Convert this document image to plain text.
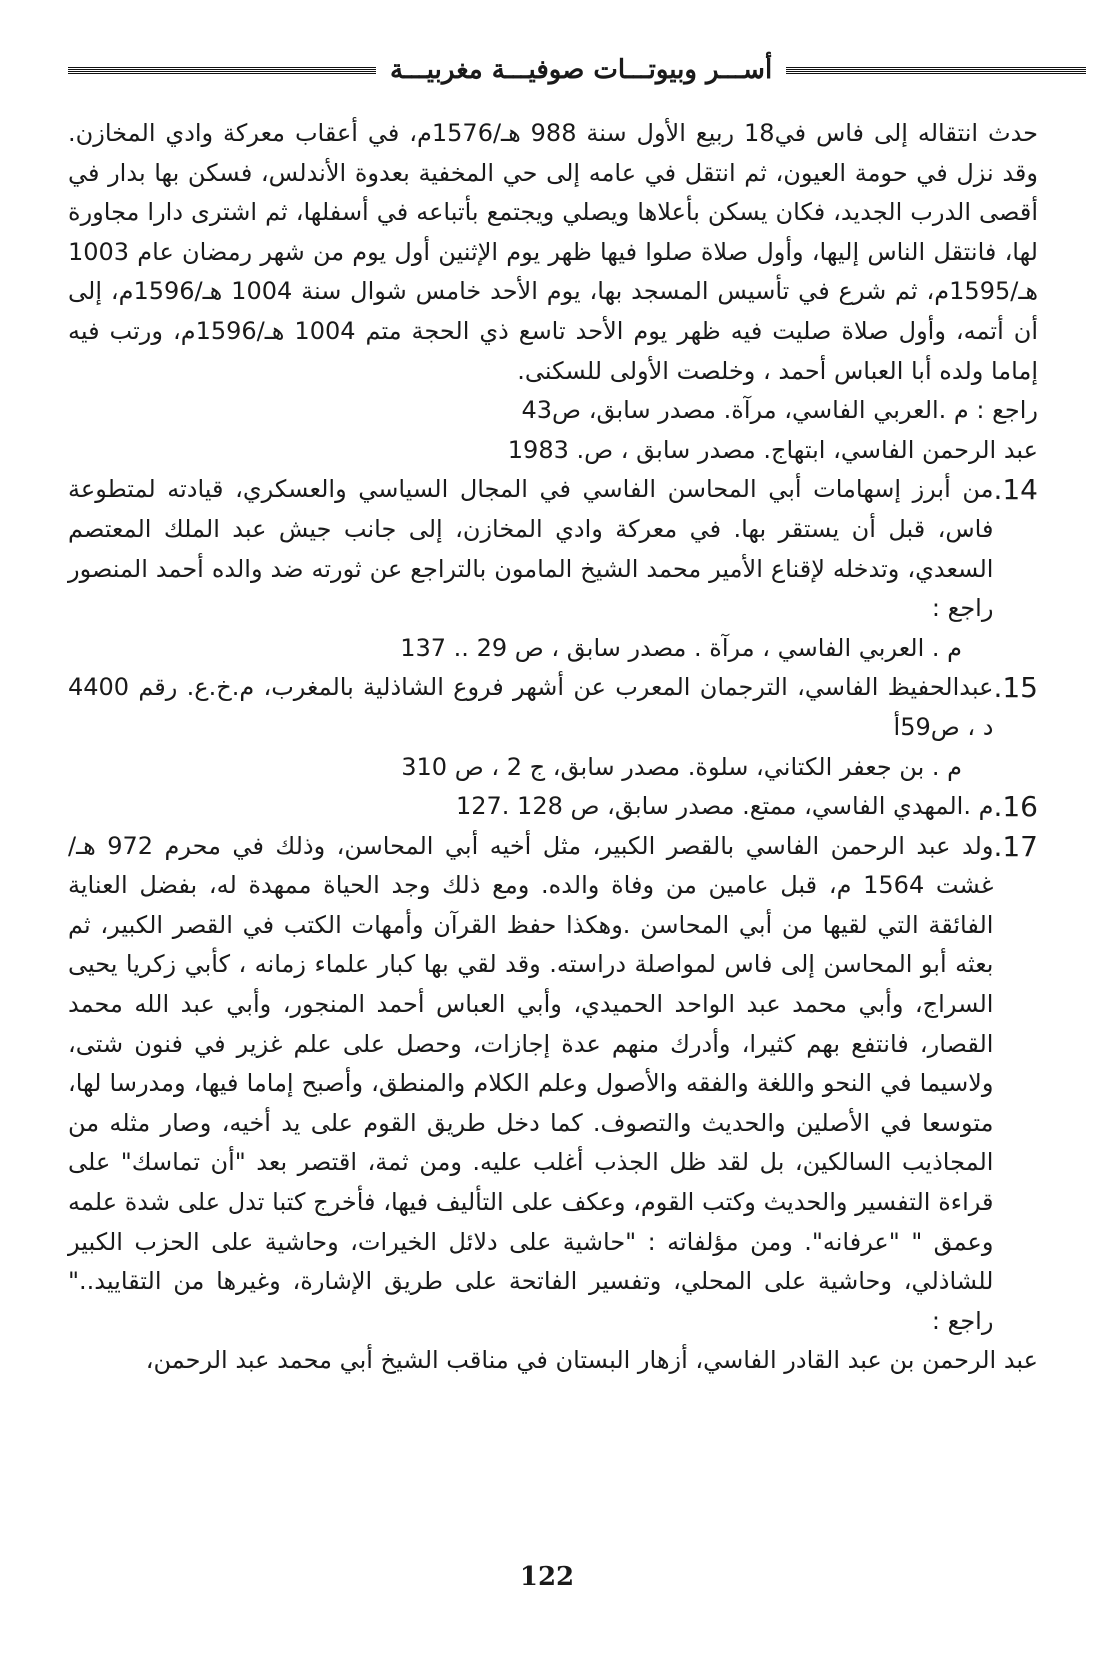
أســـر وبيوتـــات صوفيـــة مغربيـــة

حدث انتقاله إلى فاس في18 ربيع الأول سنة 988 هـ/1576م، في أعقاب معركة وادي المخازن. وقد نزل في حومة العيون، ثم انتقل في عامه إلى حي المخفية بعدوة الأندلس، فسكن بها بدار في أقصى الدرب الجديد، فكان يسكن بأعلاها ويصلي ويجتمع بأتباعه في أسفلها، ثم اشترى دارا مجاورة لها، فانتقل الناس إليها، وأول صلاة صلوا فيها ظهر يوم الإثنين أول يوم من شهر رمضان عام 1003 هـ/1595م، ثم شرع في تأسيس المسجد بها، يوم الأحد خامس شوال سنة 1004 هـ/1596م، إلى أن أتمه، وأول صلاة صليت فيه ظهر يوم الأحد تاسع ذي الحجة متم 1004 هـ/1596م، ورتب فيه إماما ولده أبا العباس أحمد ، وخلصت الأولى للسكنى.

راجع : م .العربي الفاسي، مرآة. مصدر سابق، ص43

عبد الرحمن الفاسي، ابتهاج. مصدر سابق ، ص. 1983

14.

من أبرز إسهامات أبي المحاسن الفاسي في المجال السياسي والعسكري، قيادته لمتطوعة فاس، قبل أن يستقر بها. في معركة وادي المخازن، إلى جانب جيش عبد الملك المعتصم السعدي، وتدخله لإقناع الأمير محمد الشيخ المامون بالتراجع عن ثورته ضد والده أحمد المنصور راجع :

م . العربي الفاسي ، مرآة . مصدر سابق ، ص 29 .. 137

15.

عبدالحفيظ الفاسي، الترجمان المعرب عن أشهر فروع الشاذلية بالمغرب، م.خ.ع. رقم 4400 د ، ص59أ

م . بن جعفر الكتاني، سلوة. مصدر سابق، ج 2 ، ص 310

16.

م .المهدي الفاسي، ممتع. مصدر سابق، ص 128 .127

17.

ولد عبد الرحمن الفاسي بالقصر الكبير، مثل أخيه أبي المحاسن، وذلك في محرم 972 هـ/غشت 1564 م، قبل عامين من وفاة والده. ومع ذلك وجد الحياة ممهدة له، بفضل العناية الفائقة التي لقيها من أبي المحاسن .وهكذا حفظ القرآن وأمهات الكتب في القصر الكبير، ثم بعثه أبو المحاسن إلى فاس لمواصلة دراسته. وقد لقي بها كبار علماء زمانه ، كأبي زكريا يحيى السراج، وأبي محمد عبد الواحد الحميدي، وأبي العباس أحمد المنجور، وأبي عبد الله محمد القصار، فانتفع بهم كثيرا، وأدرك منهم عدة إجازات، وحصل على علم غزير في فنون شتى، ولاسيما في النحو واللغة والفقه والأصول وعلم الكلام والمنطق، وأصبح إماما فيها، ومدرسا لها، متوسعا في الأصلين والحديث والتصوف. كما دخل طريق القوم على يد أخيه، وصار مثله من المجاذيب السالكين، بل لقد ظل الجذب أغلب عليه. ومن ثمة، اقتصر بعد "أن تماسك" على قراءة التفسير والحديث وكتب القوم، وعكف على التأليف فيها، فأخرج كتبا تدل على شدة علمه وعمق " "عرفانه". ومن مؤلفاته : "حاشية على دلائل الخيرات، وحاشية على الحزب الكبير للشاذلي، وحاشية على المحلي، وتفسير الفاتحة على طريق الإشارة، وغيرها من التقاييد.." راجع :

عبد الرحمن بن عبد القادر الفاسي، أزهار البستان في مناقب الشيخ أبي محمد عبد الرحمن،

122
